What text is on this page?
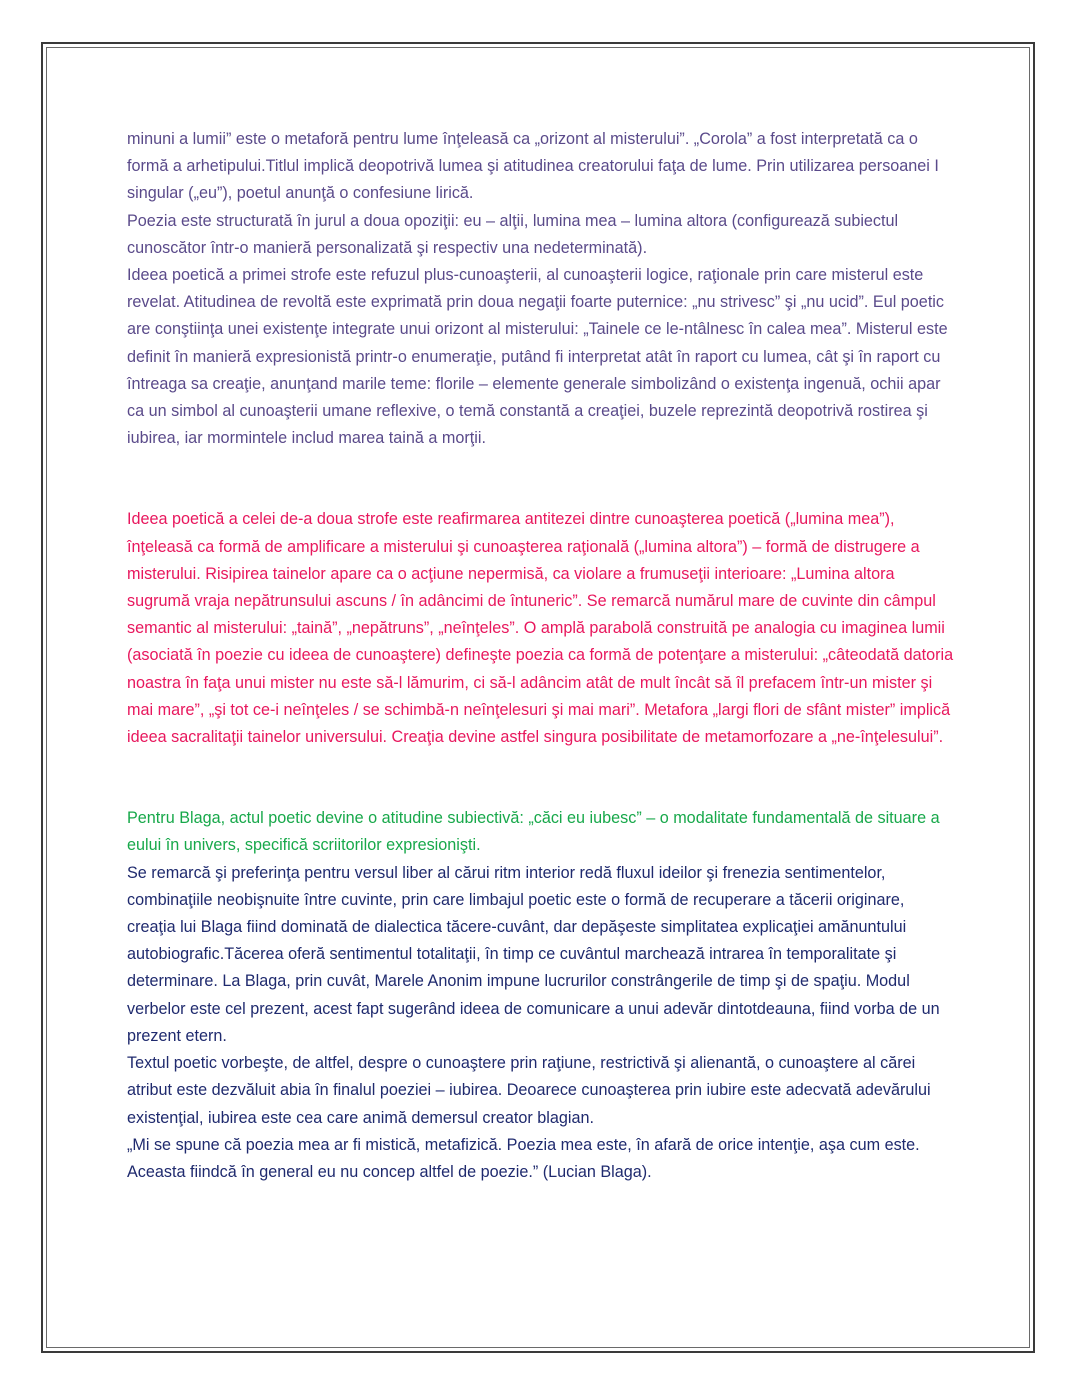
minuni a lumii” este o metaforă pentru lume înţeleasă ca „orizont al misterului”. „Corola” a fost interpretată ca o formă a arhetipului.Titlul implică deopotrivă lumea şi atitudinea creatorului faţa de lume. Prin utilizarea persoanei I singular („eu”), poetul anunţă o confesiune lirică.

Poezia este structurată în jurul a doua opoziţii: eu – alţii, lumina mea – lumina altora (configurează subiectul cunoscător într-o manieră personalizată şi respectiv una nedeterminată).

Ideea poetică a primei strofe este refuzul plus-cunoaşterii, al cunoaşterii logice, raţionale prin care misterul este revelat. Atitudinea de revoltă este exprimată prin doua negaţii foarte puternice: „nu strivesc” şi „nu ucid”. Eul poetic are conştiinţa unei existenţe integrate unui orizont al misterului: „Tainele ce le-ntâlnesc în calea mea”. Misterul este definit în manieră expresionistă printr-o enumeraţie, putând fi interpretat atât în raport cu lumea, cât şi în raport cu întreaga sa creaţie, anunţand marile teme: florile – elemente generale simbolizând o existenţa ingenuă, ochii apar ca un simbol al cunoaşterii umane reflexive, o temă constantă a creaţiei, buzele reprezintă deopotrivă rostirea şi iubirea, iar mormintele includ marea taină a morţii.

Ideea poetică a celei de-a doua strofe este reafirmarea antitezei dintre cunoaşterea poetică („lumina mea”), înţeleasă ca formă de amplificare a misterului şi cunoaşterea raţională („lumina altora”) – formă de distrugere a misterului. Risipirea tainelor apare ca o acţiune nepermisă, ca violare a frumuseţii interioare: „Lumina altora sugrumă vraja nepătrunsului ascuns / în adâncimi de întuneric”. Se remarcă numărul mare de cuvinte din câmpul semantic al misterului: „taină”, „nepătruns”, „neînţeles”. O amplă parabolă construită pe analogia cu imaginea lumii (asociată în poezie cu ideea de cunoaştere) defineşte poezia ca formă de potenţare a misterului: „câteodată datoria noastra în faţa unui mister nu este să-l lămurim, ci să-l adâncim atât de mult încât să îl prefacem într-un mister şi mai mare”, „şi tot ce-i neînţeles / se schimbă-n neînţelesuri şi mai mari”. Metafora „largi flori de sfânt mister” implică ideea sacralitaţii tainelor universului. Creaţia devine astfel singura posibilitate de metamorfozare a „ne-înţelesului”.

Pentru Blaga, actul poetic devine o atitudine subiectivă: „căci eu iubesc” – o modalitate fundamentală de situare a eului în univers, specifică scriitorilor expresionişti.

Se remarcă şi preferinţa pentru versul liber al cărui ritm interior redă fluxul ideilor şi frenezia sentimentelor, combinaţiile neobişnuite între cuvinte, prin care limbajul poetic este o formă de recuperare a tăcerii originare, creaţia lui Blaga fiind dominată de dialectica tăcere-cuvânt, dar depăşeste simplitatea explicaţiei amănuntului autobiografic.Tăcerea oferă sentimentul totalitaţii, în timp ce cuvântul marchează intrarea în temporalitate şi determinare. La Blaga, prin cuvât, Marele Anonim impune lucrurilor constrângerile de timp şi de spaţiu. Modul verbelor este cel prezent, acest fapt sugerând ideea de comunicare a unui adevăr dintotdeauna, fiind vorba de un prezent etern.

Textul poetic vorbeşte, de altfel, despre o cunoaştere prin raţiune, restrictivă şi alienantă, o cunoaştere al cărei atribut este dezvăluit abia în finalul poeziei – iubirea. Deoarece cunoaşterea prin iubire este adecvată adevărului existenţial, iubirea este cea care animă demersul creator blagian.

„Mi se spune că poezia mea ar fi mistică, metafizică. Poezia mea este, în afară de orice intenţie, aşa cum este. Aceasta fiindcă în general eu nu concep altfel de poezie.” (Lucian Blaga).
